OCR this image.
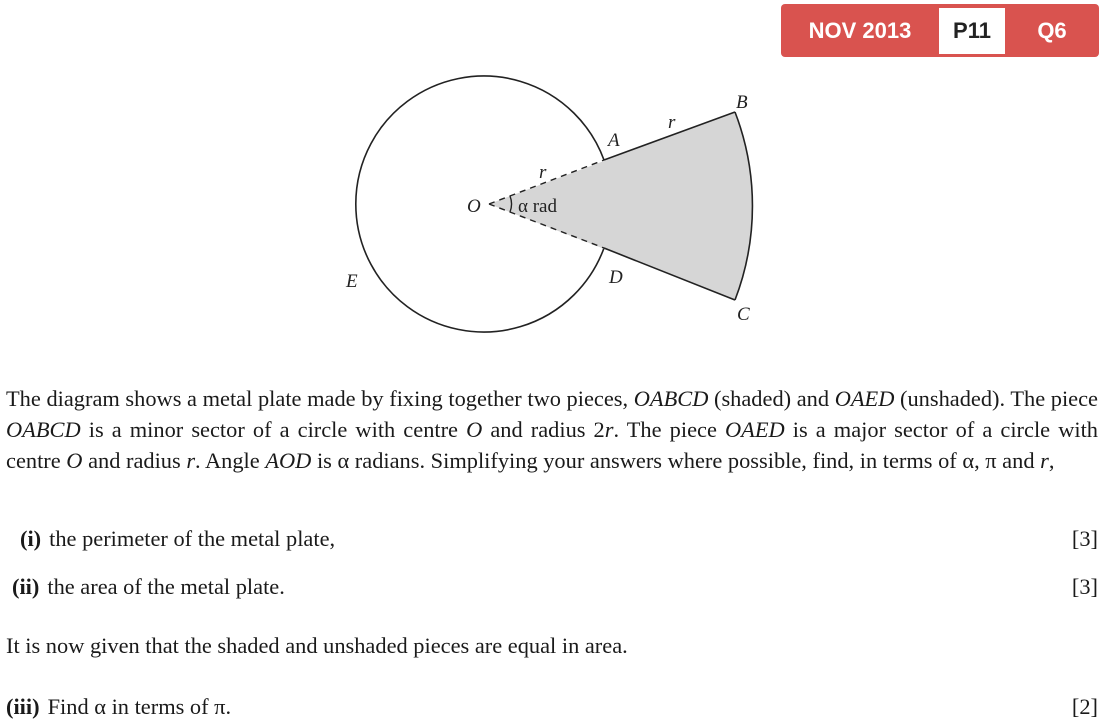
NOV 2013	P11	Q6
O
A
B
C
D
E
r
r
α rad
The diagram shows a metal plate made by fixing together two pieces, OABCD (shaded) and OAED (unshaded). The piece OABCD is a minor sector of a circle with centre O and radius 2r. The piece OAED is a major sector of a circle with centre O and radius r. Angle AOD is α radians. Simplifying your answers where possible, find, in terms of α, π and r,
(i) the perimeter of the metal plate,	[3]
(ii) the area of the metal plate.	[3]
It is now given that the shaded and unshaded pieces are equal in area.
(iii) Find α in terms of π.	[2]
